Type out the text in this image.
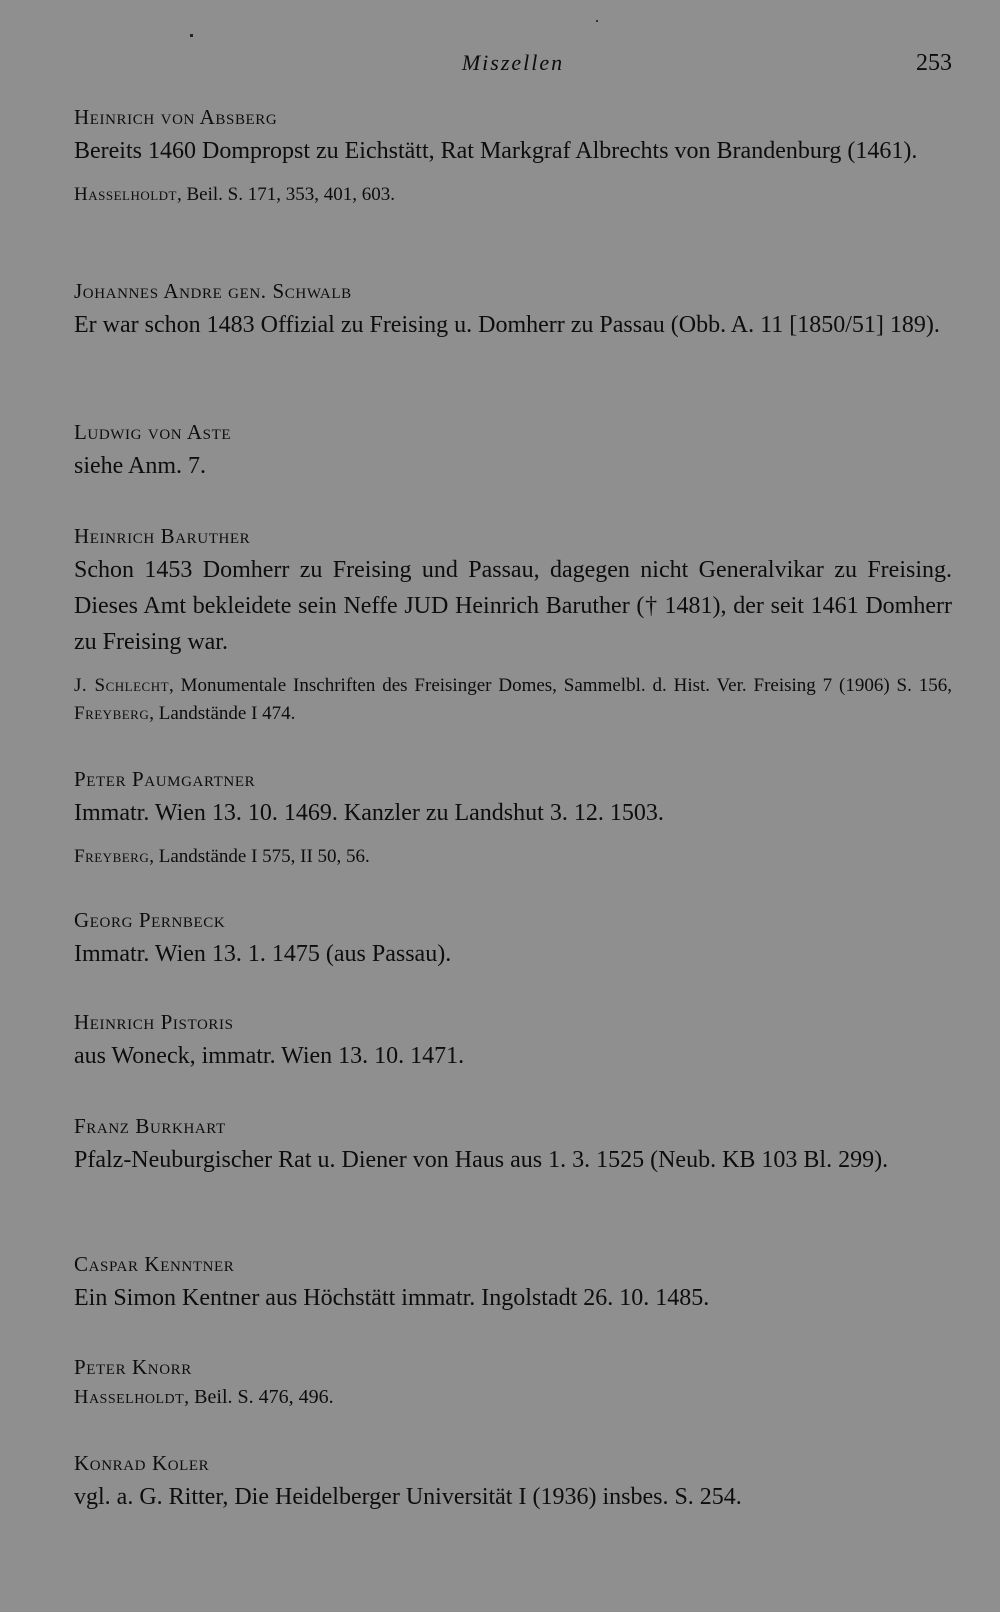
Miszellen	253
Heinrich von Absberg
Bereits 1460 Dompropst zu Eichstätt, Rat Markgraf Albrechts von Brandenburg (1461).
Hasselholdt, Beil. S. 171, 353, 401, 603.
Johannes Andre gen. Schwalb
Er war schon 1483 Offizial zu Freising u. Domherr zu Passau (Obb. A. 11 [1850/51] 189).
Ludwig von Aste
siehe Anm. 7.
Heinrich Baruther
Schon 1453 Domherr zu Freising und Passau, dagegen nicht Generalvikar zu Freising. Dieses Amt bekleidete sein Neffe JUD Heinrich Baruther († 1481), der seit 1461 Domherr zu Freising war.
J. Schlecht, Monumentale Inschriften des Freisinger Domes, Sammelbl. d. Hist. Ver. Freising 7 (1906) S. 156, Freyberg, Landstände I 474.
Peter Paumgartner
Immatr. Wien 13. 10. 1469. Kanzler zu Landshut 3. 12. 1503.
Freyberg, Landstände I 575, II 50, 56.
Georg Pernbeck
Immatr. Wien 13. 1. 1475 (aus Passau).
Heinrich Pistoris
aus Woneck, immatr. Wien 13. 10. 1471.
Franz Burkhart
Pfalz-Neuburgischer Rat u. Diener von Haus aus 1. 3. 1525 (Neub. KB 103 Bl. 299).
Caspar Kenntner
Ein Simon Kentner aus Höchstätt immatr. Ingolstadt 26. 10. 1485.
Peter Knorr
Hasselholdt, Beil. S. 476, 496.
Konrad Koler
vgl. a. G. Ritter, Die Heidelberger Universität I (1936) insbes. S. 254.
